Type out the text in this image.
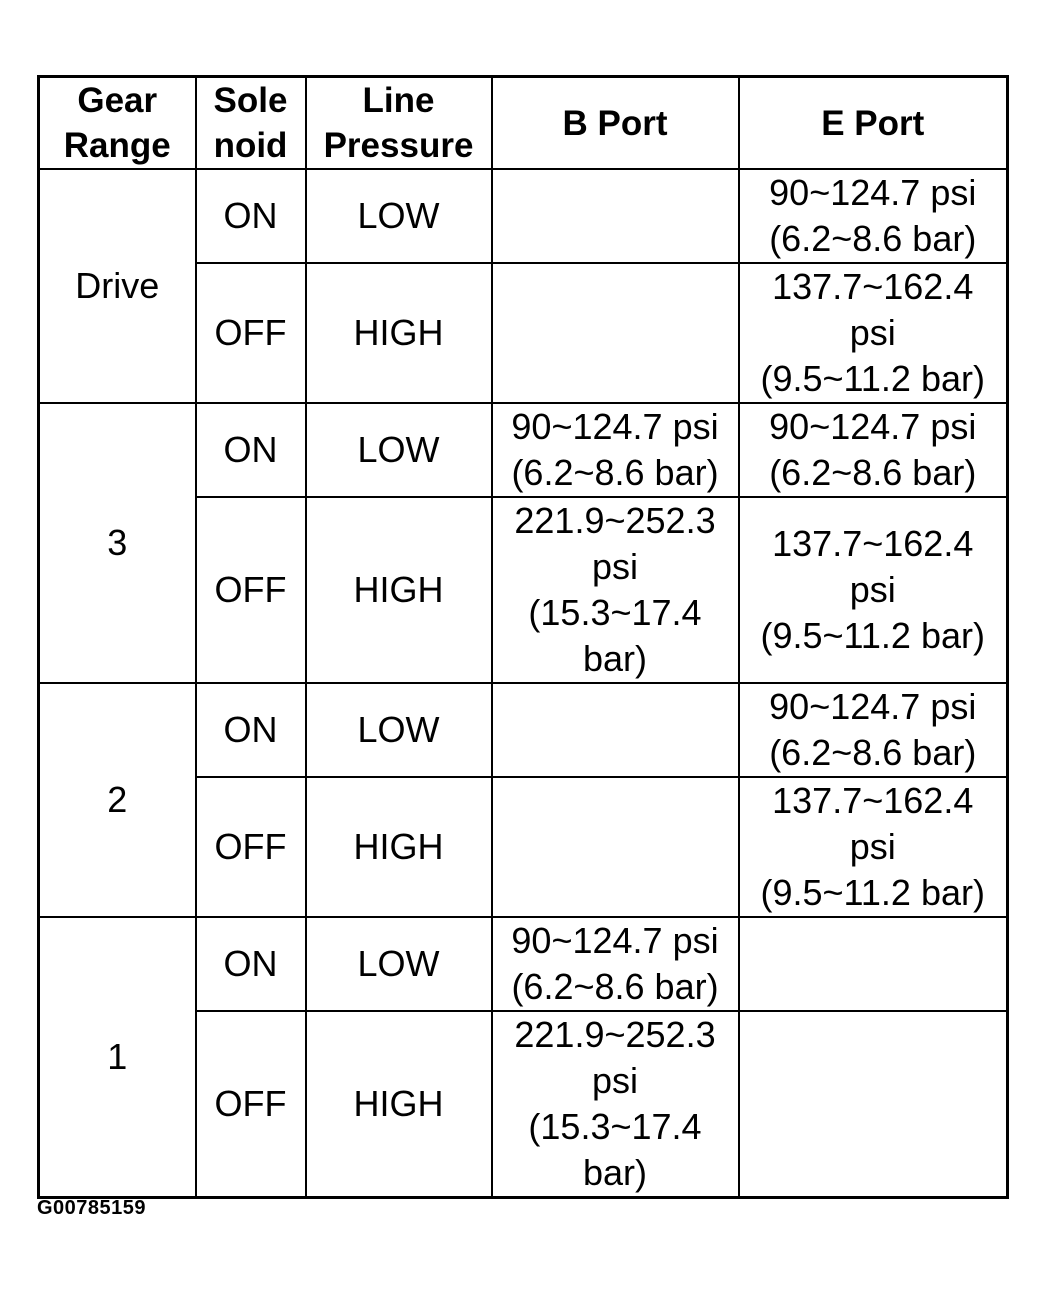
Gear
Range	Sole
noid	Line
Pressure	B Port	E Port
Drive	ON	LOW		90~124.7 psi
(6.2~8.6 bar)
	OFF	HIGH		137.7~162.4
psi
(9.5~11.2 bar)
3	ON	LOW	90~124.7 psi
(6.2~8.6 bar)	90~124.7 psi
(6.2~8.6 bar)
	OFF	HIGH	221.9~252.3
psi
(15.3~17.4
bar)	137.7~162.4
psi
(9.5~11.2 bar)
2	ON	LOW		90~124.7 psi
(6.2~8.6 bar)
	OFF	HIGH		137.7~162.4
psi
(9.5~11.2 bar)
1	ON	LOW	90~124.7 psi
(6.2~8.6 bar)	
	OFF	HIGH	221.9~252.3
psi
(15.3~17.4
bar)	
G00785159
